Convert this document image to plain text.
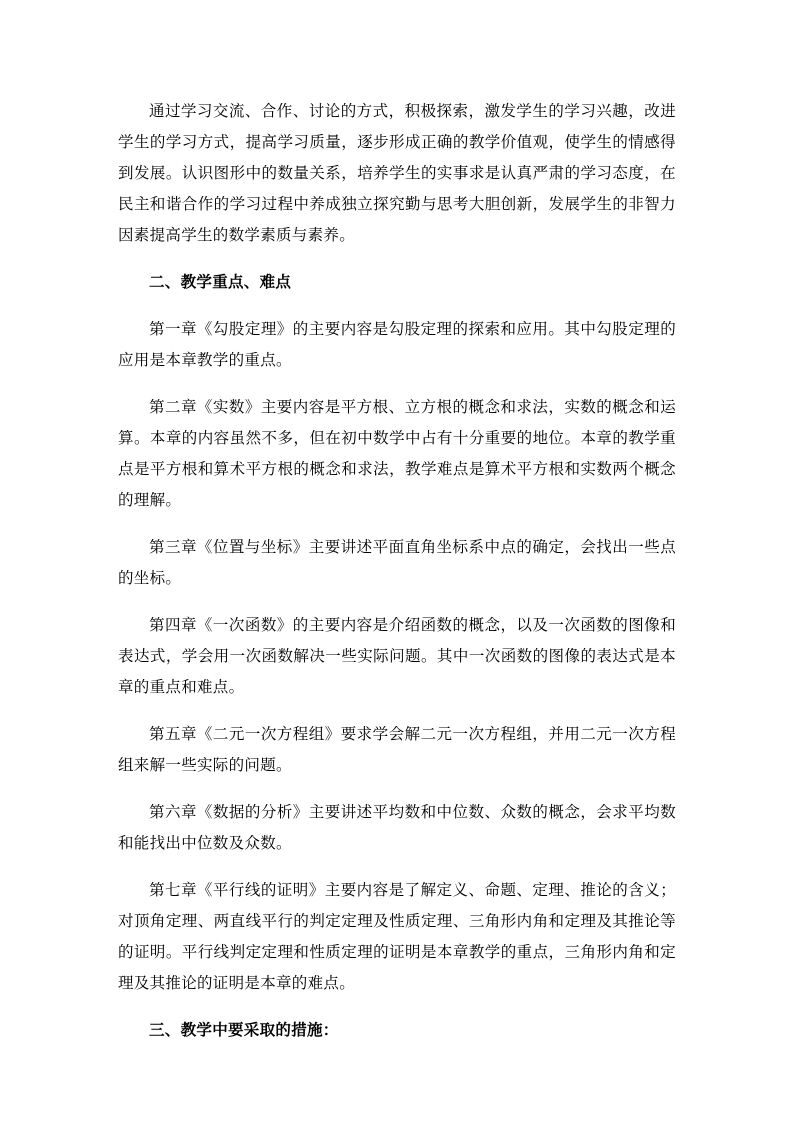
通过学习交流、合作、讨论的方式，积极探索，激发学生的学习兴趣，改进学生的学习方式，提高学习质量，逐步形成正确的教学价值观，使学生的情感得到发展。认识图形中的数量关系，培养学生的实事求是认真严肃的学习态度，在民主和谐合作的学习过程中养成独立探究勤与思考大胆创新，发展学生的非智力因素提高学生的数学素质与素养。

二、教学重点、难点

第一章《勾股定理》的主要内容是勾股定理的探索和应用。其中勾股定理的应用是本章教学的重点。

第二章《实数》主要内容是平方根、立方根的概念和求法，实数的概念和运算。本章的内容虽然不多，但在初中数学中占有十分重要的地位。本章的教学重点是平方根和算术平方根的概念和求法，教学难点是算术平方根和实数两个概念的理解。

第三章《位置与坐标》主要讲述平面直角坐标系中点的确定，会找出一些点的坐标。

第四章《一次函数》的主要内容是介绍函数的概念，以及一次函数的图像和表达式，学会用一次函数解决一些实际问题。其中一次函数的图像的表达式是本章的重点和难点。

第五章《二元一次方程组》要求学会解二元一次方程组，并用二元一次方程组来解一些实际的问题。

第六章《数据的分析》主要讲述平均数和中位数、众数的概念，会求平均数和能找出中位数及众数。

第七章《平行线的证明》主要内容是了解定义、命题、定理、推论的含义；对顶角定理、两直线平行的判定定理及性质定理、三角形内角和定理及其推论等的证明。平行线判定定理和性质定理的证明是本章教学的重点，三角形内角和定理及其推论的证明是本章的难点。

三、教学中要采取的措施：
